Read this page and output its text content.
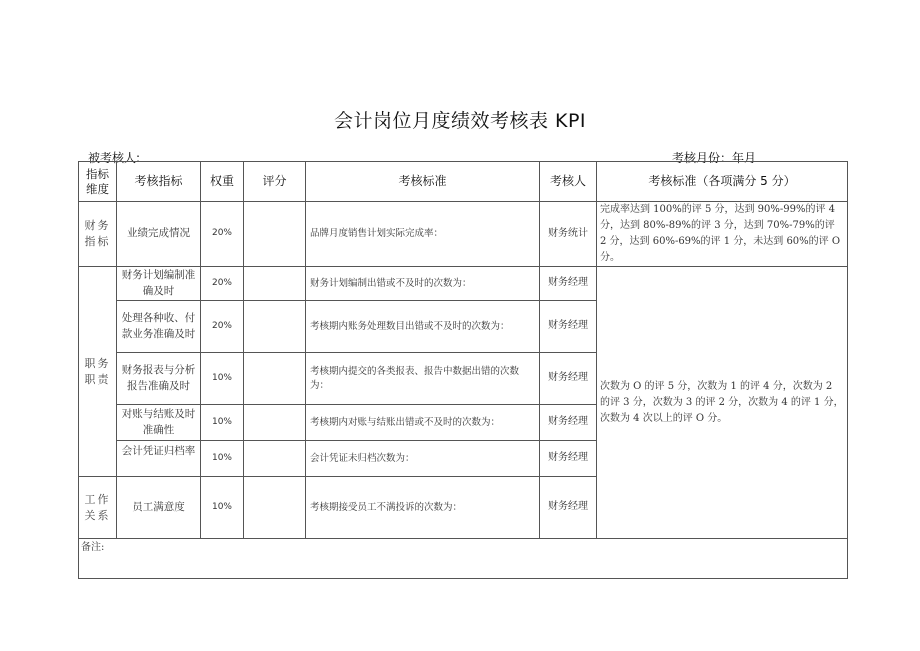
会计岗位月度绩效考核表 KPI
被考核人:	考核月份：年月
指标维度	考核指标	权重	评分	考核标准	考核人	考核标准（各项满分 5 分）
财务指标	业绩完成情况	20%		品牌月度销售计划实际完成率：	财务统计	完成率达到 100%的评 5 分，达到 90%-99%的评 4 分，达到 80%-89%的评 3 分，达到 70%-79%的评 2 分，达到 60%-69%的评 1 分，未达到 60%的评 O 分。
职务职责	财务计划编制准确及时	20%		财务计划编制出错或不及时的次数为：	财务经理	次数为 O 的评 5 分，次数为 1 的评 4 分，次数为 2 的评 3 分，次数为 3 的评 2 分，次数为 4 的评 1 分，次数为 4 次以上的评 O 分。
	处理各种收、付款业务准确及时	20%		考核期内账务处理数目出错或不及时的次数为：	财务经理	
	财务报表与分析报告准确及时	10%		考核期内提交的各类报表、报告中数据出错的次数为：	财务经理	
	对账与结账及时准确性	10%		考核期内对账与结账出错或不及时的次数为：	财务经理	
	会计凭证归档率	10%		会计凭证未归档次数为：	财务经理	
工作关系	员工满意度	10%		考核期接受员工不满投诉的次数为：	财务经理	
备注:						
